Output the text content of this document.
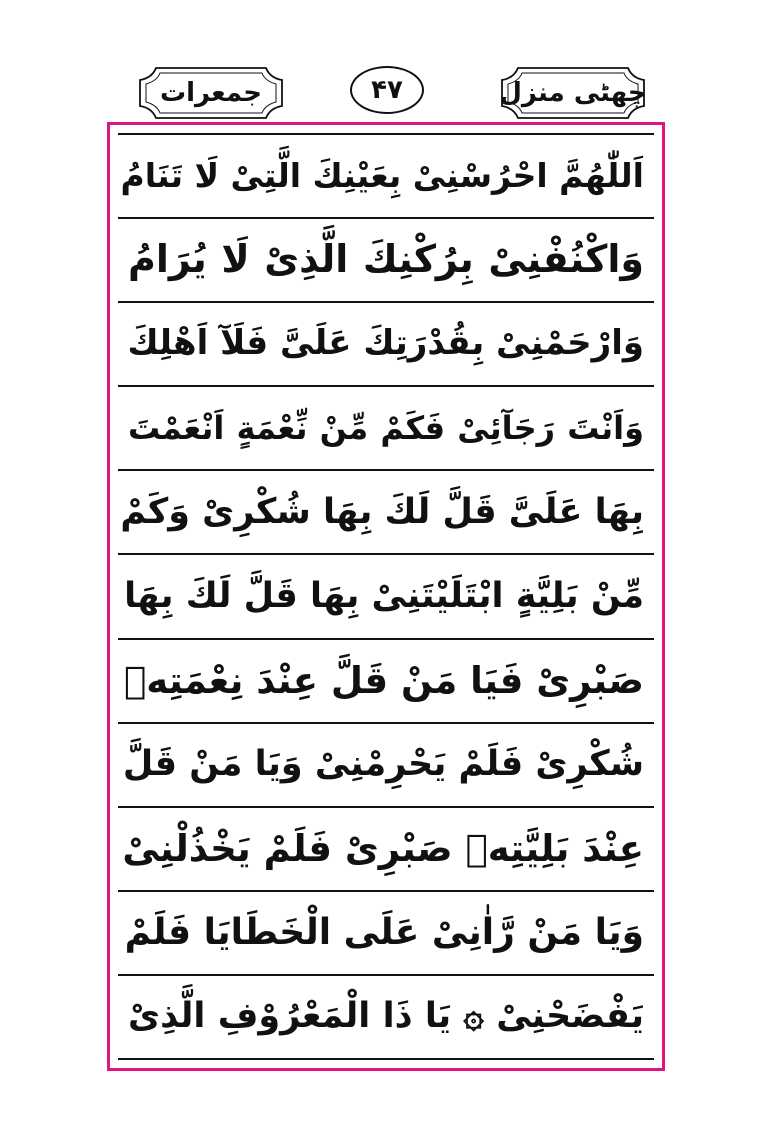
جمعرات	۴۷	چھٹی منزل
اَللّٰھُمَّ احْرُسْنِیْ بِعَیْنِكَ الَّتِیْ لَا تَنَامُ
وَاكْنُفْنِیْ بِرُكْنِكَ الَّذِیْ لَا یُرَامُ
وَارْحَمْنِیْ بِقُدْرَتِكَ عَلَیَّ فَلَآ اَهْلِكَ
وَاَنْتَ رَجَآئِیْ فَكَمْ مِّنْ نِّعْمَةٍ اَنْعَمْتَ
بِهَا عَلَیَّ قَلَّ لَكَ بِهَا شُكْرِیْ وَكَمْ
مِّنْ بَلِیَّةٍ ابْتَلَیْتَنِیْ بِهَا قَلَّ لَكَ بِهَا
صَبْرِیْ فَیَا مَنْ قَلَّ عِنْدَ نِعْمَتِهٖ
شُكْرِیْ فَلَمْ یَحْرِمْنِیْ وَیَا مَنْ قَلَّ
عِنْدَ بَلِیَّتِهٖ صَبْرِیْ فَلَمْ یَخْذُلْنِیْ
وَیَا مَنْ رَّاٰنِیْ عَلَی الْخَطَایَا فَلَمْ
یَفْضَحْنِیْ ۞ یَا ذَا الْمَعْرُوْفِ الَّذِیْ
